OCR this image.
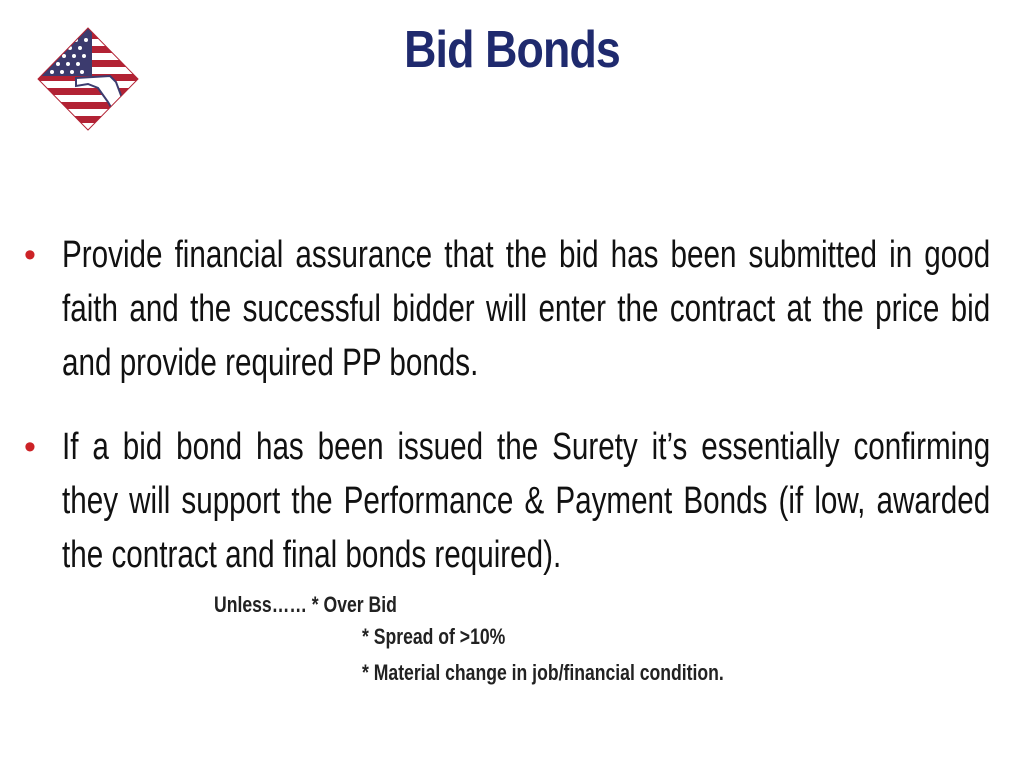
Bid Bonds
• Provide financial assurance that the bid has been submitted in good faith and the successful bidder will enter the contract at the price bid and provide required PP bonds.
• If a bid bond has been issued the Surety it’s essentially confirming they will support the Performance & Payment Bonds (if low, awarded the contract and final bonds required).
Unless…… * Over Bid
* Spread of >10%
* Material change in job/financial condition.
